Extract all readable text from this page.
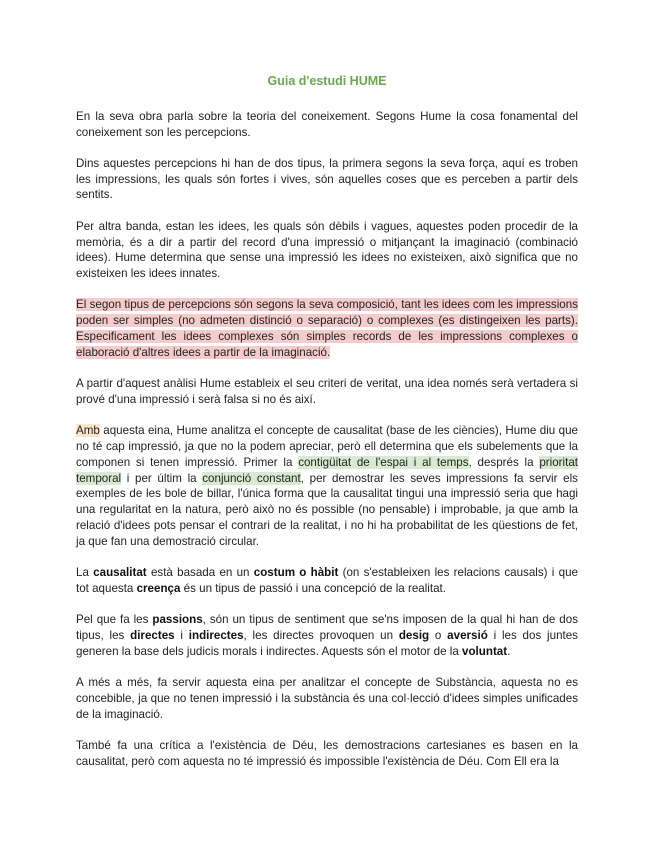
Guia d'estudi HUME

En la seva obra parla sobre la teoria del coneixement. Segons Hume la cosa fonamental del coneixement son les percepcions.

Dins aquestes percepcions hi han de dos tipus, la primera segons la seva força, aquí es troben les impressions, les quals són fortes i vives, són aquelles coses que es perceben a partir dels sentits.

Per altra banda, estan les idees, les quals són dèbils i vagues, aquestes poden procedir de la memòria, és a dir a partir del record d'una impressió o mitjançant la imaginació (combinació idees). Hume determina que sense una impressió les idees no existeixen, això significa que no existeixen les idees innates.

El segon tipus de percepcions són segons la seva composició, tant les idees com les impressions poden ser simples (no admeten distinció o separació) o complexes (es distingeixen les parts). Especificament les idees complexes són simples records de les impressions complexes o elaboració d'altres idees a partir de la imaginació.

A partir d'aquest anàlisi Hume estableix el seu criteri de veritat, una idea només serà vertadera si prové d'una impressió i serà falsa si no és així.

Amb aquesta eina, Hume analitza el concepte de causalitat (base de les ciències), Hume diu que no té cap impressió, ja que no la podem apreciar, però ell determina que els subelements que la componen si tenen impressió. Primer la contigüitat de l'espai i al temps, després la prioritat temporal i per últim la conjunció constant, per demostrar les seves impressions fa servir els exemples de les bole de billar, l'única forma que la causalitat tingui una impressió seria que hagi una regularitat en la natura, però això no és possible (no pensable) i improbable, ja que amb la relació d'idees pots pensar el contrari de la realitat, i no hi ha probabilitat de les qüestions de fet, ja que fan una demostració circular.

La causalitat està basada en un costum o hàbit (on s'estableixen les relacions causals) i que tot aquesta creença és un tipus de passió i una concepció de la realitat.

Pel que fa les passions, són un tipus de sentiment que se'ns imposen de la qual hi han de dos tipus, les directes i indirectes, les directes provoquen un desig o aversió i les dos juntes generen la base dels judicis morals i indirectes. Aquests són el motor de la voluntat.

A més a més, fa servir aquesta eina per analitzar el concepte de Substància, aquesta no es concebible, ja que no tenen impressió i la substància és una col·lecció d'idees simples unificades de la imaginació.

També fa una crítica a l'existència de Déu, les demostracions cartesianes es basen en la causalitat, però com aquesta no té impressió és impossible l'existència de Déu. Com Ell era la
